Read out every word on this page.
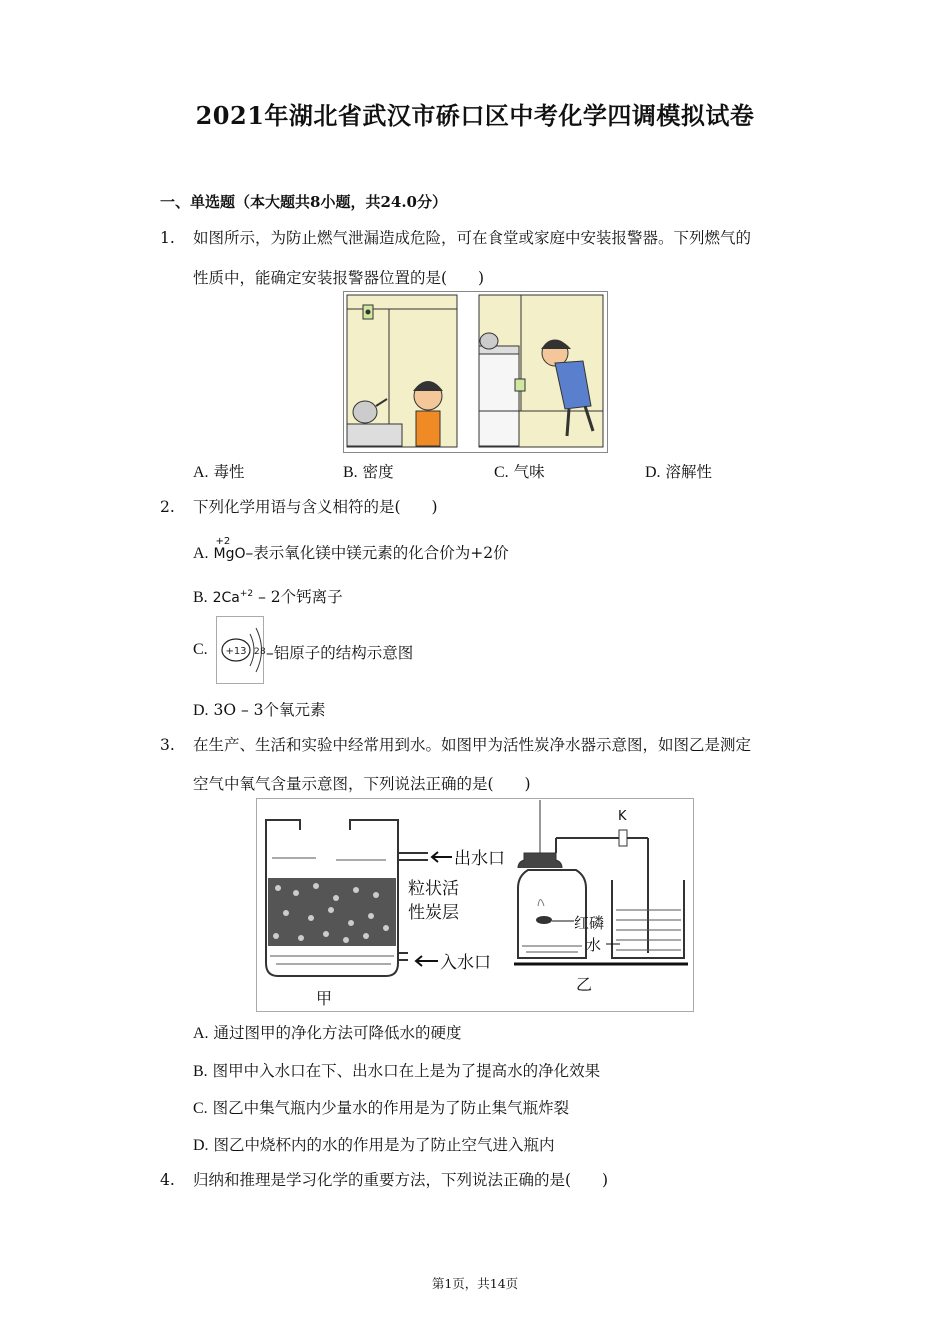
2021年湖北省武汉市硚口区中考化学四调模拟试卷
一、单选题（本大题共8小题，共24.0分）
1. 如图所示，为防止燃气泄漏造成危险，可在食堂或家庭中安装报警器。下列燃气的
性质中，能确定安装报警器位置的是(　　)
A. 毒性	B. 密度	C. 气味	D. 溶解性
2. 下列化学用语与含义相符的是(　　)
A.
+2
MgO–表示氧化镁中镁元素的化合价为+2价
B. $2Ca^{+2} - 2$个钙离子
C. +13 2 8 –铝原子的结构示意图
D. 3O – 3个氧元素
3. 在生产、生活和实验中经常用到水。如图甲为活性炭净水器示意图，如图乙是测定
空气中氧气含量示意图，下列说法正确的是(　　)
出水口
粒状活
性炭层
入水口
甲
K
红磷
水
乙
A. 通过图甲的净化方法可降低水的硬度
B. 图甲中入水口在下、出水口在上是为了提高水的净化效果
C. 图乙中集气瓶内少量水的作用是为了防止集气瓶炸裂
D. 图乙中烧杯内的水的作用是为了防止空气进入瓶内
4. 归纳和推理是学习化学的重要方法，下列说法正确的是(　　)
第1页，共14页
